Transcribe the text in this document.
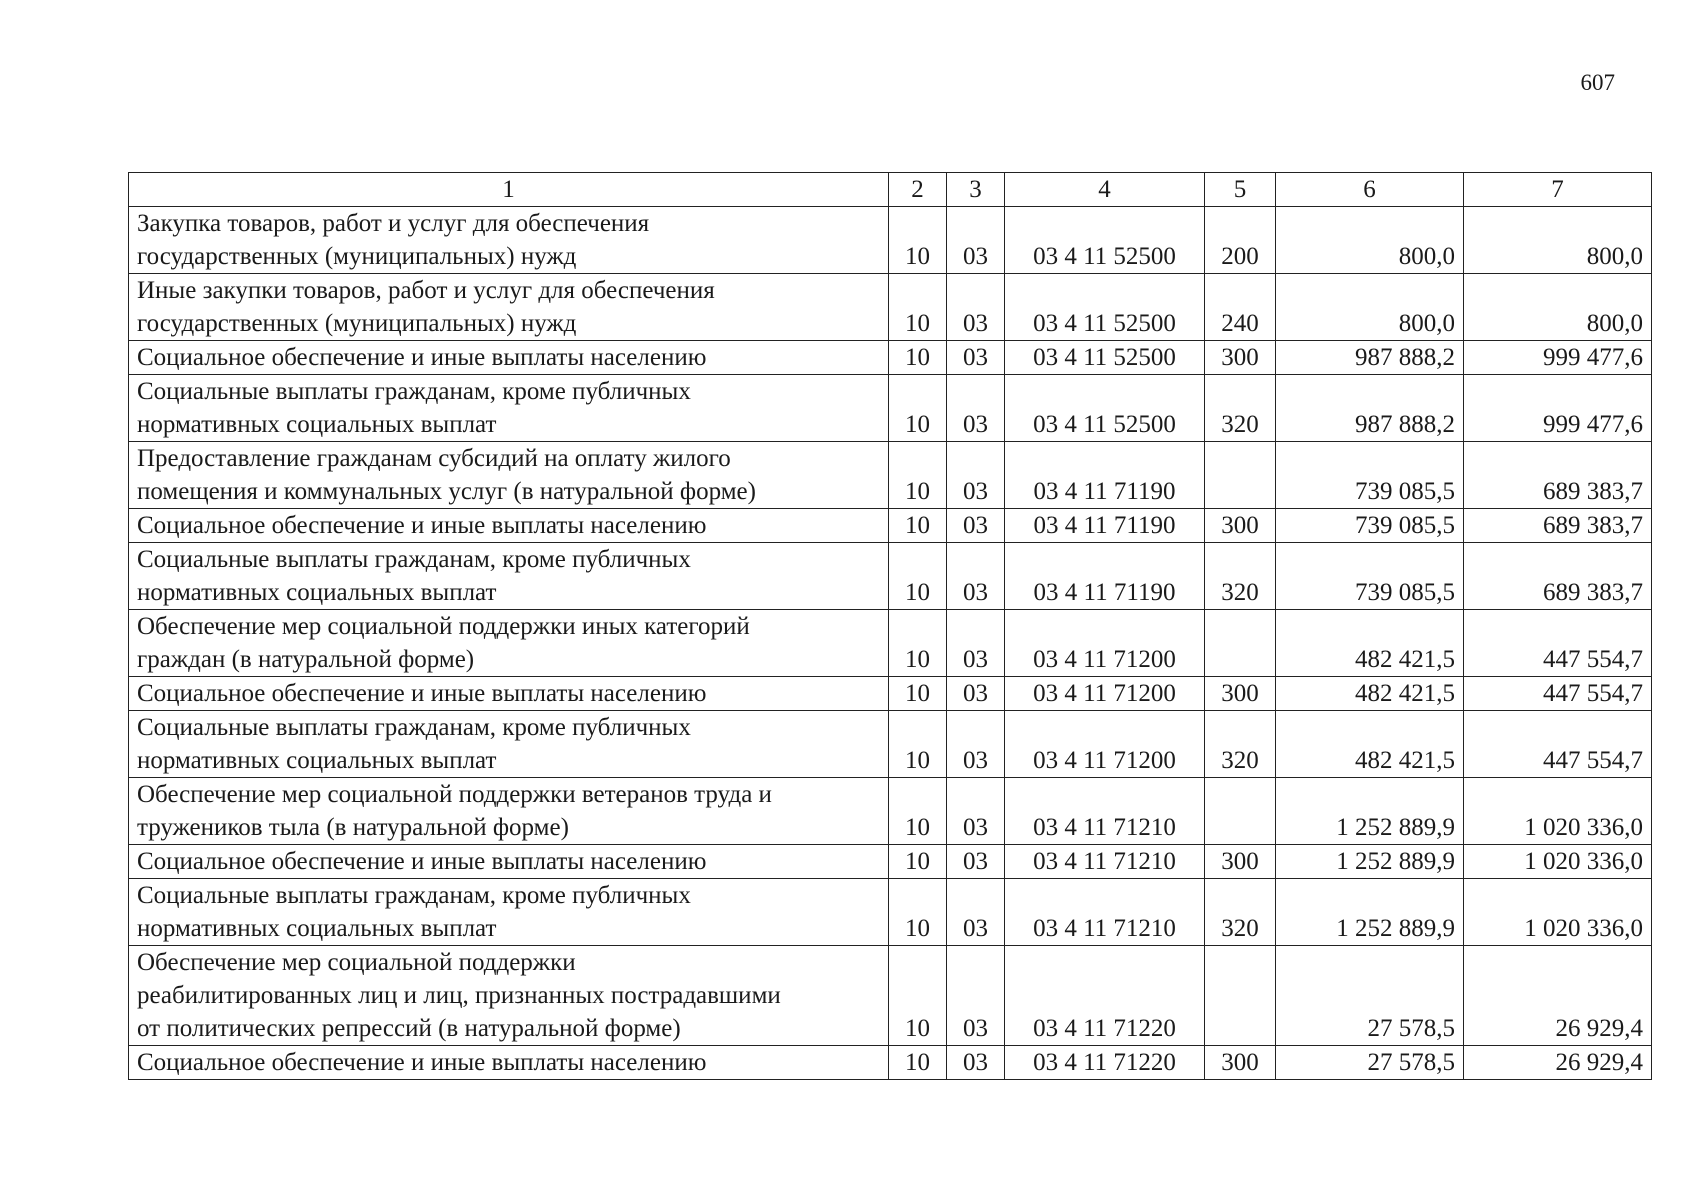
607
1	2	3	4	5	6	7

Закупка товаров, работ и услуг для обеспечения
государственных (муниципальных) нужд	10	03	03 4 11 52500	200	800,0	800,0

Иные закупки товаров, работ и услуг для обеспечения
государственных (муниципальных) нужд	10	03	03 4 11 52500	240	800,0	800,0

Социальное обеспечение и иные выплаты населению	10	03	03 4 11 52500	300	987 888,2	999 477,6

Социальные выплаты гражданам, кроме публичных
нормативных социальных выплат	10	03	03 4 11 52500	320	987 888,2	999 477,6

Предоставление гражданам субсидий на оплату жилого
помещения и коммунальных услуг (в натуральной форме)	10	03	03 4 11 71190		739 085,5	689 383,7

Социальное обеспечение и иные выплаты населению	10	03	03 4 11 71190	300	739 085,5	689 383,7

Социальные выплаты гражданам, кроме публичных
нормативных социальных выплат	10	03	03 4 11 71190	320	739 085,5	689 383,7

Обеспечение мер социальной поддержки иных категорий
граждан (в натуральной форме)	10	03	03 4 11 71200		482 421,5	447 554,7

Социальное обеспечение и иные выплаты населению	10	03	03 4 11 71200	300	482 421,5	447 554,7

Социальные выплаты гражданам, кроме публичных
нормативных социальных выплат	10	03	03 4 11 71200	320	482 421,5	447 554,7

Обеспечение мер социальной поддержки ветеранов труда и
тружеников тыла (в натуральной форме)	10	03	03 4 11 71210		1 252 889,9	1 020 336,0

Социальное обеспечение и иные выплаты населению	10	03	03 4 11 71210	300	1 252 889,9	1 020 336,0

Социальные выплаты гражданам, кроме публичных
нормативных социальных выплат	10	03	03 4 11 71210	320	1 252 889,9	1 020 336,0

Обеспечение мер социальной поддержки
реабилитированных лиц и лиц, признанных пострадавшими
от политических репрессий (в натуральной форме)	10	03	03 4 11 71220		27 578,5	26 929,4

Социальное обеспечение и иные выплаты населению	10	03	03 4 11 71220	300	27 578,5	26 929,4
